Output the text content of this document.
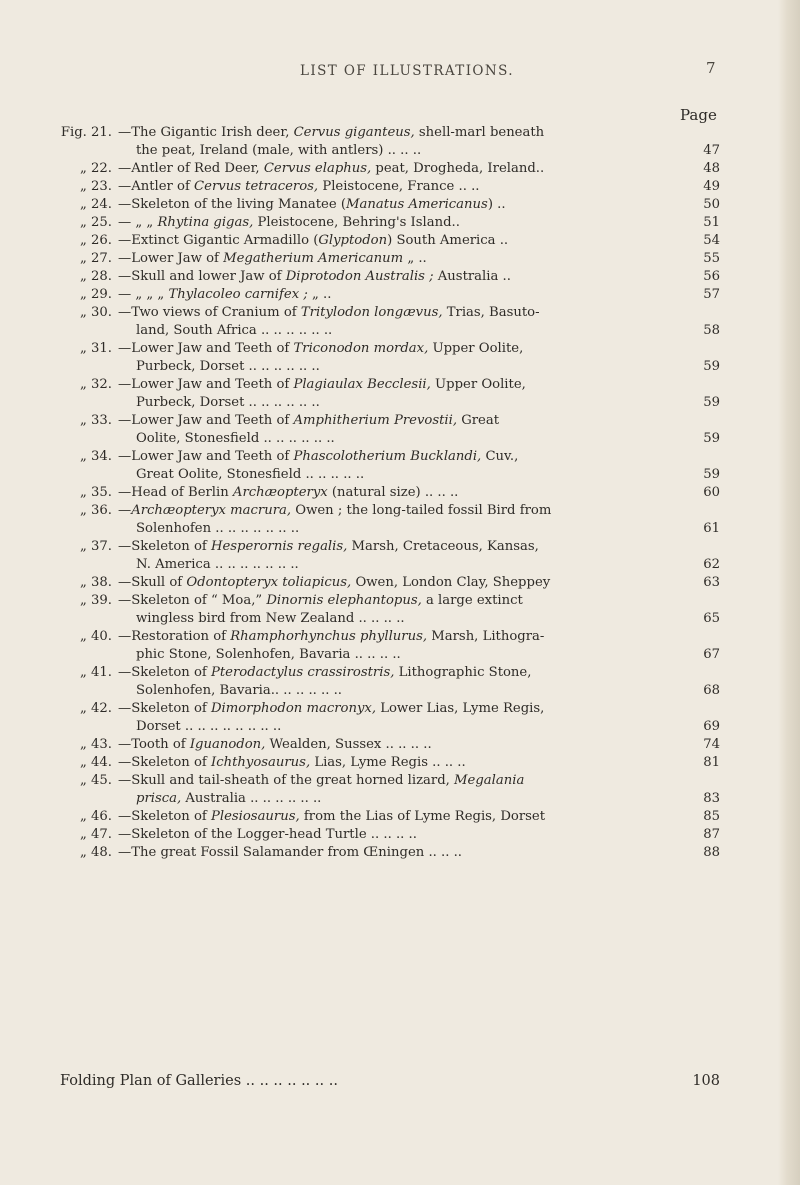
LIST OF ILLUSTRATIONS.	7
Page
Fig. 21. —The Gigantic Irish deer, Cervus giganteus, shell-marl beneath
the peat, Ireland (male, with antlers) .. .. ..	47
„ 22. —Antler of Red Deer, Cervus elaphus, peat, Drogheda, Ireland..	48
„ 23. —Antler of Cervus tetraceros, Pleistocene, France .. ..	49
„ 24. —Skeleton of the living Manatee (Manatus Americanus) ..	50
„ 25. — „ „ Rhytina gigas, Pleistocene, Behring's Island..	51
„ 26. —Extinct Gigantic Armadillo (Glyptodon) South America ..	54
„ 27. —Lower Jaw of Megatherium Americanum „ ..	55
„ 28. —Skull and lower Jaw of Diprotodon Australis ; Australia ..	56
„ 29. — „ „ „ Thylacoleo carnifex ; „ ..	57
„ 30. —Two views of Cranium of Tritylodon longævus, Trias, Basuto-
land, South Africa .. .. .. .. .. ..	58
„ 31. —Lower Jaw and Teeth of Triconodon mordax, Upper Oolite,
Purbeck, Dorset .. .. .. .. .. ..	59
„ 32. —Lower Jaw and Teeth of Plagiaulax Becclesii, Upper Oolite,
Purbeck, Dorset .. .. .. .. .. ..	59
„ 33. —Lower Jaw and Teeth of Amphitherium Prevostii, Great
Oolite, Stonesfield .. .. .. .. .. ..	59
„ 34. —Lower Jaw and Teeth of Phascolotherium Bucklandi, Cuv.,
Great Oolite, Stonesfield .. .. .. .. ..	59
„ 35. —Head of Berlin Archæopteryx (natural size) .. .. ..	60
„ 36. —Archæopteryx macrura, Owen ; the long-tailed fossil Bird from
Solenhofen .. .. .. .. .. .. ..	61
„ 37. —Skeleton of Hesperornis regalis, Marsh, Cretaceous, Kansas,
N. America .. .. .. .. .. .. ..	62
„ 38. —Skull of Odontopteryx toliapicus, Owen, London Clay, Sheppey	63
„ 39. —Skeleton of “ Moa,” Dinornis elephantopus, a large extinct
wingless bird from New Zealand .. .. .. ..	65
„ 40. —Restoration of Rhamphorhynchus phyllurus, Marsh, Lithogra-
phic Stone, Solenhofen, Bavaria .. .. .. ..	67
„ 41. —Skeleton of Pterodactylus crassirostris, Lithographic Stone,
Solenhofen, Bavaria.. .. .. .. .. ..	68
„ 42. —Skeleton of Dimorphodon macronyx, Lower Lias, Lyme Regis,
Dorset .. .. .. .. .. .. .. ..	69
„ 43. —Tooth of Iguanodon, Wealden, Sussex .. .. .. ..	74
„ 44. —Skeleton of Ichthyosaurus, Lias, Lyme Regis .. .. ..	81
„ 45. —Skull and tail-sheath of the great horned lizard, Megalania
prisca, Australia .. .. .. .. .. ..	83
„ 46. —Skeleton of Plesiosaurus, from the Lias of Lyme Regis, Dorset	85
„ 47. —Skeleton of the Logger-head Turtle .. .. .. ..	87
„ 48. —The great Fossil Salamander from Œningen .. .. ..	88
Folding Plan of Galleries .. .. .. .. .. .. ..	108
